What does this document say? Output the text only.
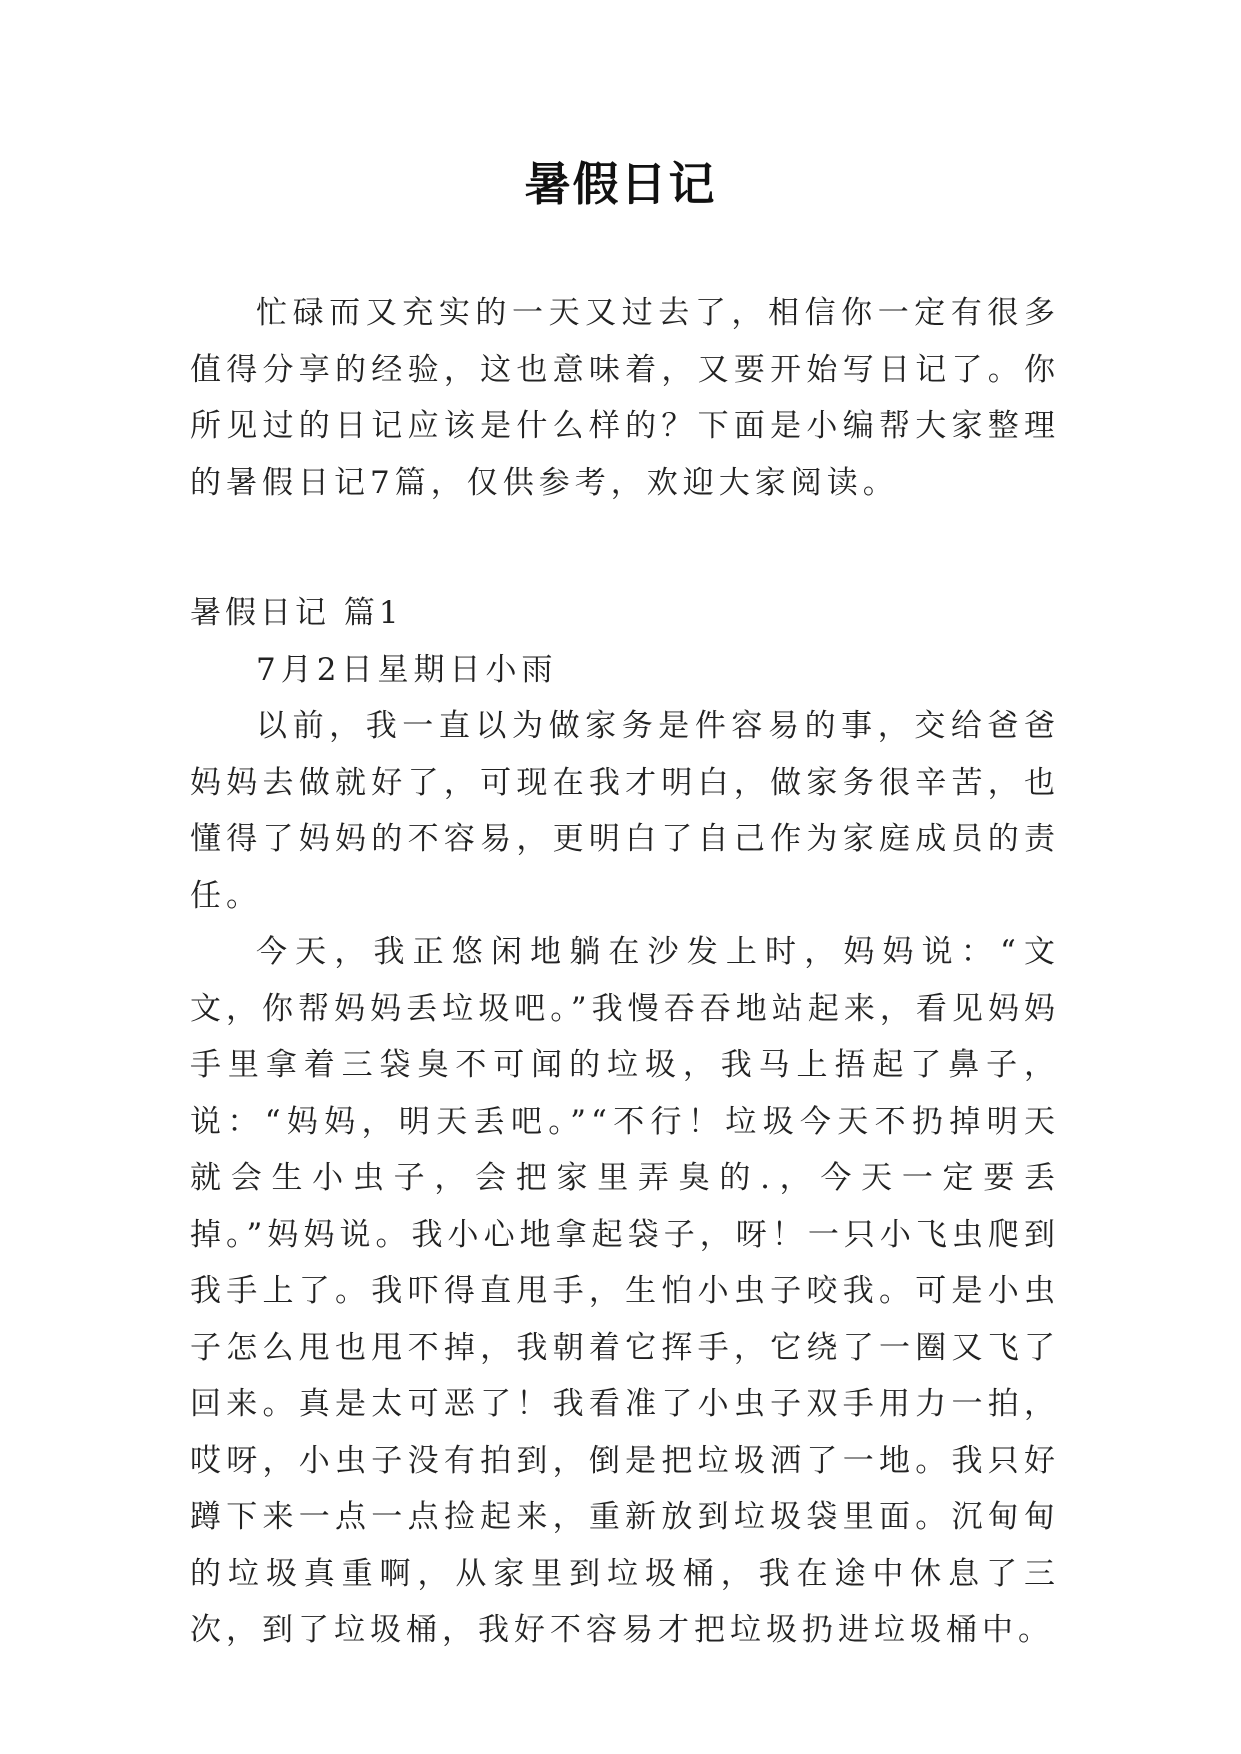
暑假日记

忙碌而又充实的一天又过去了，相信你一定有很多值得分享的经验，这也意味着，又要开始写日记了。你所见过的日记应该是什么样的？下面是小编帮大家整理的暑假日记7篇，仅供参考，欢迎大家阅读。

暑假日记 篇1

7月2日星期日小雨

以前，我一直以为做家务是件容易的事，交给爸爸妈妈去做就好了，可现在我才明白，做家务很辛苦，也懂得了妈妈的不容易，更明白了自己作为家庭成员的责任。

今天，我正悠闲地躺在沙发上时，妈妈说：“文文，你帮妈妈丢垃圾吧。”我慢吞吞地站起来，看见妈妈手里拿着三袋臭不可闻的垃圾，我马上捂起了鼻子，说：“妈妈，明天丢吧。”“不行！垃圾今天不扔掉明天就会生小虫子，会把家里弄臭的.，今天一定要丢掉。”妈妈说。我小心地拿起袋子，呀！一只小飞虫爬到我手上了。我吓得直甩手，生怕小虫子咬我。可是小虫子怎么甩也甩不掉，我朝着它挥手，它绕了一圈又飞了回来。真是太可恶了！我看准了小虫子双手用力一拍，哎呀，小虫子没有拍到，倒是把垃圾洒了一地。我只好蹲下来一点一点捡起来，重新放到垃圾袋里面。沉甸甸的垃圾真重啊，从家里到垃圾桶，我在途中休息了三次，到了垃圾桶，我好不容易才把垃圾扔进垃圾桶中。
